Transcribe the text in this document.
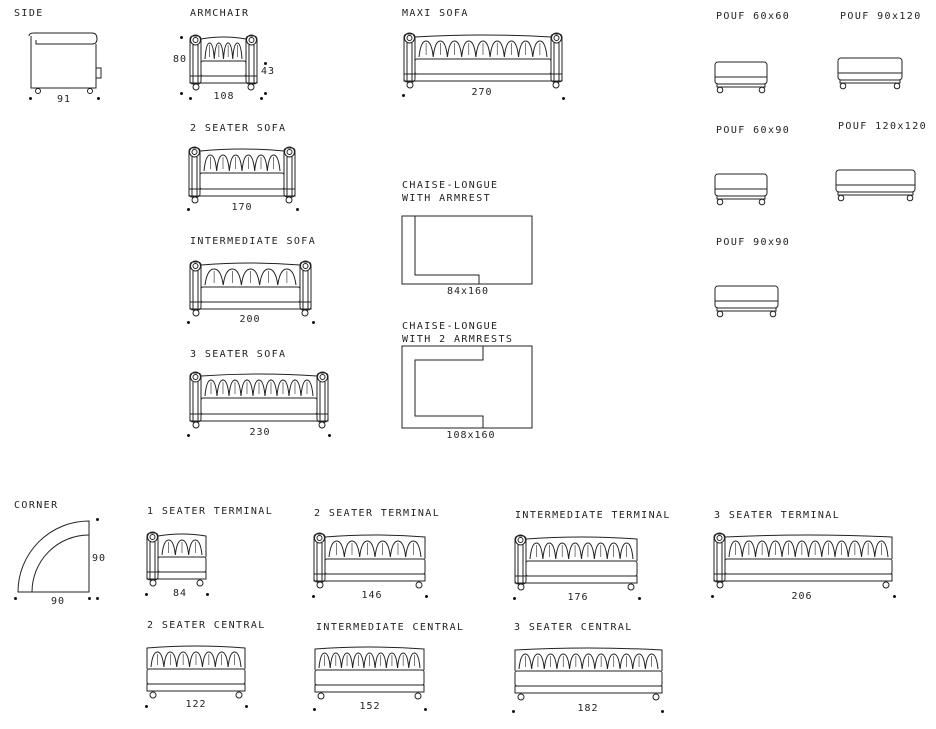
SIDE
91
ARMCHAIR
80
43
108
MAXI SOFA
270
2 SEATER SOFA
170
INTERMEDIATE SOFA
200
3 SEATER SOFA
230
CHAISE-LONGUE
WITH ARMREST
84x160
CHAISE-LONGUE
WITH 2 ARMRESTS
108x160
POUF 60x60	POUF 90x120
POUF 60x90	POUF 120x120
POUF 90x90
CORNER
90
90
1 SEATER TERMINAL
84
2 SEATER TERMINAL
146
INTERMEDIATE TERMINAL
176
3 SEATER TERMINAL
206
2 SEATER CENTRAL
122
INTERMEDIATE CENTRAL
152
3 SEATER CENTRAL
182
